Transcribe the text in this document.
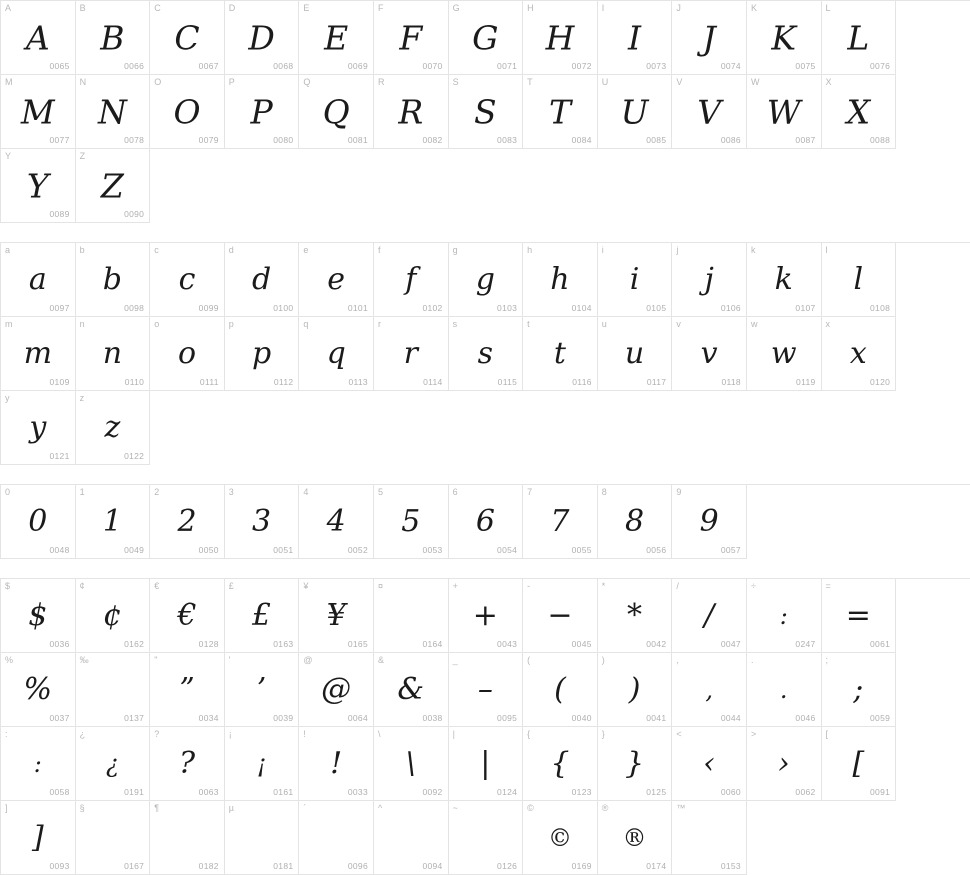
A
A
0065
B
B
0066
C
C
0067
D
D
0068
E
E
0069
F
F
0070
G
G
0071
H
H
0072
I
I
0073
J
J
0074
K
K
0075
L
L
0076
M
M
0077
N
N
0078
O
O
0079
P
P
0080
Q
Q
0081
R
R
0082
S
S
0083
T
T
0084
U
U
0085
V
V
0086
W
W
0087
X
X
0088
Y
Y
0089
Z
Z
0090
a
a
0097
b
b
0098
c
c
0099
d
d
0100
e
e
0101
f
f
0102
g
g
0103
h
h
0104
i
i
0105
j
j
0106
k
k
0107
l
l
0108
m
m
0109
n
n
0110
o
o
0111
p
p
0112
q
q
0113
r
r
0114
s
s
0115
t
t
0116
u
u
0117
v
v
0118
w
w
0119
x
x
0120
y
y
0121
z
z
0122
0
0
0048
1
1
0049
2
2
0050
3
3
0051
4
4
0052
5
5
0053
6
6
0054
7
7
0055
8
8
0056
9
9
0057
$
$
0036
¢
¢
0162
€
€
0128
£
£
0163
¥
¥
0165
¤
0164
+
+
0043
-
−
0045
*
*
0042
/
/
0047
÷
:
0247
=
=
0061
%
%
0037
‰
0137
"
”
0034
'
’
0039
@
@
0064
&
&
0038
_
–
0095
(
(
0040
)
)
0041
,
,
0044
.
.
0046
;
;
0059
:
:
0058
¿
¿
0191
?
?
0063
¡
¡
0161
!
!
0033
\
\
0092
|
|
0124
{
{
0123
}
}
0125
<
‹
0060
>
›
0062
[
[
0091
]
]
0093
§
0167
¶
0182
µ
0181
´
0096
^
0094
~
0126
©
©
0169
®
®
0174
™
0153
